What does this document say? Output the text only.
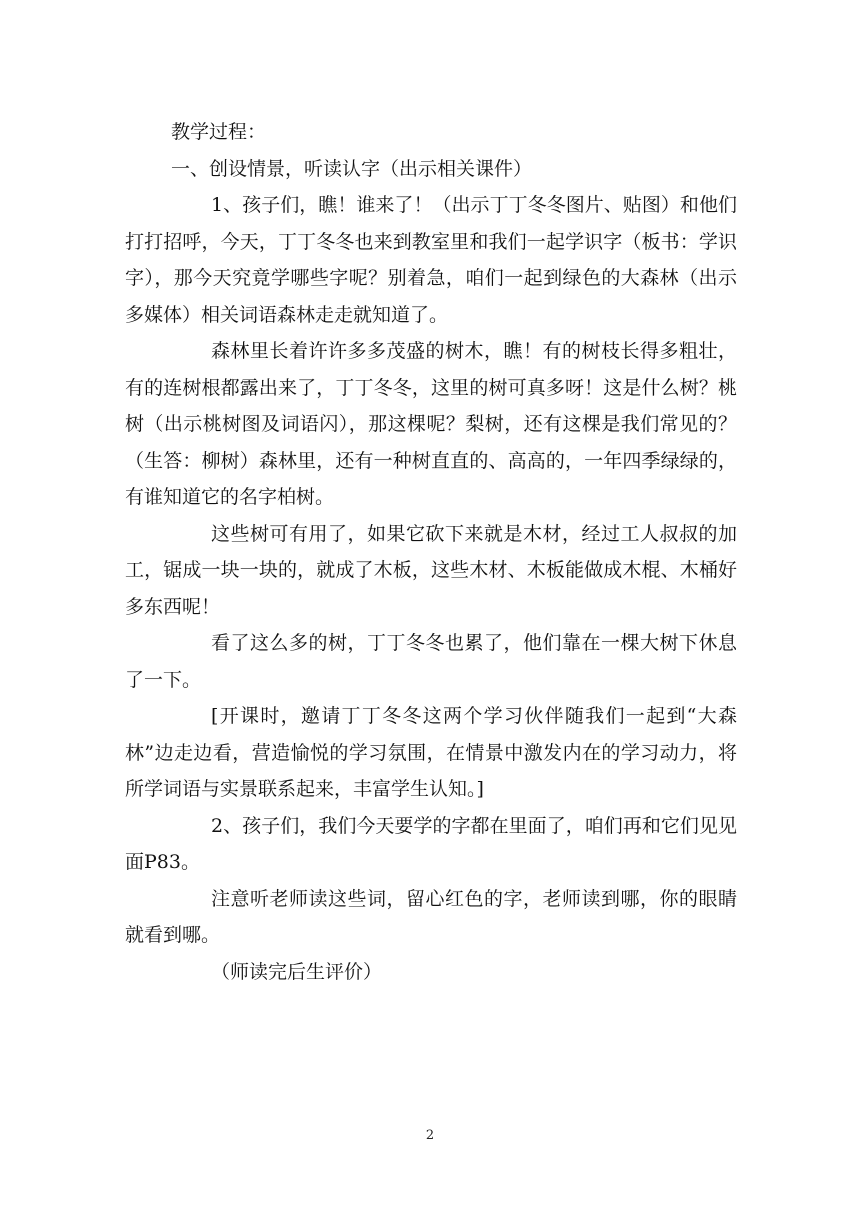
教学过程：

一、创设情景，听读认字（出示相关课件）

1、孩子们，瞧！谁来了！（出示丁丁冬冬图片、贴图）和他们打打招呼，今天，丁丁冬冬也来到教室里和我们一起学识字（板书：学识字），那今天究竟学哪些字呢？别着急，咱们一起到绿色的大森林（出示多媒体）相关词语森林走走就知道了。

森林里长着许许多多茂盛的树木，瞧！有的树枝长得多粗壮，有的连树根都露出来了，丁丁冬冬，这里的树可真多呀！这是什么树？桃树（出示桃树图及词语闪），那这棵呢？梨树，还有这棵是我们常见的？（生答：柳树）森林里，还有一种树直直的、高高的，一年四季绿绿的，有谁知道它的名字柏树。

这些树可有用了，如果它砍下来就是木材，经过工人叔叔的加工，锯成一块一块的，就成了木板，这些木材、木板能做成木棍、木桶好多东西呢！

看了这么多的树，丁丁冬冬也累了，他们靠在一棵大树下休息了一下。

[开课时，邀请丁丁冬冬这两个学习伙伴随我们一起到“大森林”边走边看，营造愉悦的学习氛围，在情景中激发内在的学习动力，将所学词语与实景联系起来，丰富学生认知。]

2、孩子们，我们今天要学的字都在里面了，咱们再和它们见见面P83。

注意听老师读这些词，留心红色的字，老师读到哪，你的眼睛就看到哪。

（师读完后生评价）

2
